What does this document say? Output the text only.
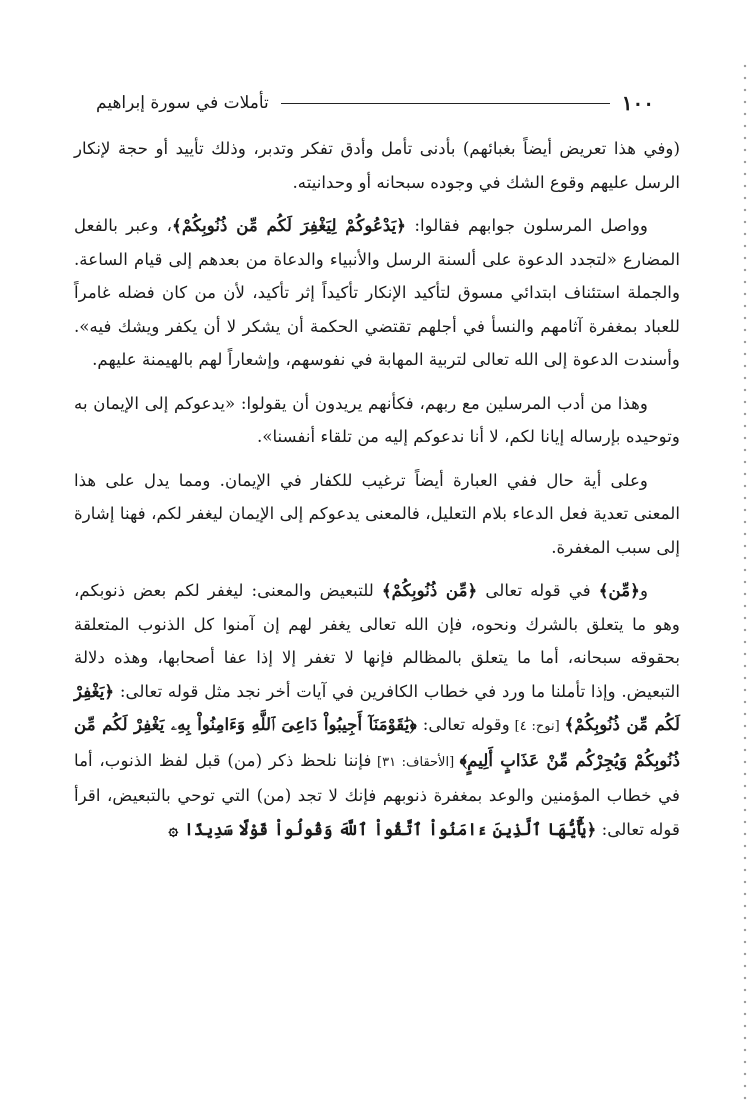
١٠٠
تأملات في سورة إبراهيم

(وفي هذا تعريض أيضاً بغبائهم) بأدنى تأمل وأدق تفكر وتدبر، وذلك تأييد أو حجة لإنكار الرسل عليهم وقوع الشك في وجوده سبحانه أو وحدانيته.

وواصل المرسلون جوابهم فقالوا: ﴿يَدْعُوكُمْ لِيَغْفِرَ لَكُم مِّن ذُنُوبِكُمْ﴾، وعبر بالفعل المضارع «لتجدد الدعوة على ألسنة الرسل والأنبياء والدعاة من بعدهم إلى قيام الساعة. والجملة استئناف ابتدائي مسوق لتأكيد الإنكار تأكيداً إثر تأكيد، لأن من كان فضله غامراً للعباد بمغفرة آثامهم والنسأ في أجلهم تقتضي الحكمة أن يشكر لا أن يكفر ويشك فيه». وأسندت الدعوة إلى الله تعالى لتربية المهابة في نفوسهم، وإشعاراً لهم بالهيمنة عليهم.

وهذا من أدب المرسلين مع ربهم، فكأنهم يريدون أن يقولوا: «يدعوكم إلى الإيمان به وتوحيده بإرساله إيانا لكم، لا أنا ندعوكم إليه من تلقاء أنفسنا».

وعلى أية حال ففي العبارة أيضاً ترغيب للكفار في الإيمان. ومما يدل على هذا المعنى تعدية فعل الدعاء بلام التعليل، فالمعنى يدعوكم إلى الإيمان ليغفر لكم، فهنا إشارة إلى سبب المغفرة.

و﴿مِّن﴾ في قوله تعالى ﴿مِّن ذُنُوبِكُمْ﴾ للتبعيض والمعنى: ليغفر لكم بعض ذنوبكم، وهو ما يتعلق بالشرك ونحوه، فإن الله تعالى يغفر لهم إن آمنوا كل الذنوب المتعلقة بحقوقه سبحانه، أما ما يتعلق بالمظالم فإنها لا تغفر إلا إذا عفا أصحابها، وهذه دلالة التبعيض. وإذا تأملنا ما ورد في خطاب الكافرين في آيات أخر نجد مثل قوله تعالى: ﴿يَغْفِرْ لَكُم مِّن ذُنُوبِكُمْ﴾ [نوح: ٤] وقوله تعالى: ﴿يَٰقَوْمَنَآ أَجِيبُواْ دَاعِىَ ٱللَّهِ وَءَامِنُواْ بِهِۦ يَغْفِرْ لَكُم مِّن ذُنُوبِكُمْ وَيُجِرْكُم مِّنْ عَذَابٍ أَلِيمٍ﴾ [الأحقاف: ٣١] فإننا نلحظ ذكر (من) قبل لفظ الذنوب، أما في خطاب المؤمنين والوعد بمغفرة ذنوبهم فإنك لا تجد (من) التي توحي بالتبعيض، اقرأ قوله تعالى: ﴿يَٰٓأَيُّهَا ٱلَّذِينَ ءَامَنُواْ ٱتَّقُواْ ٱللَّهَ وَقُولُواْ قَوْلًا سَدِيدًا ۞
